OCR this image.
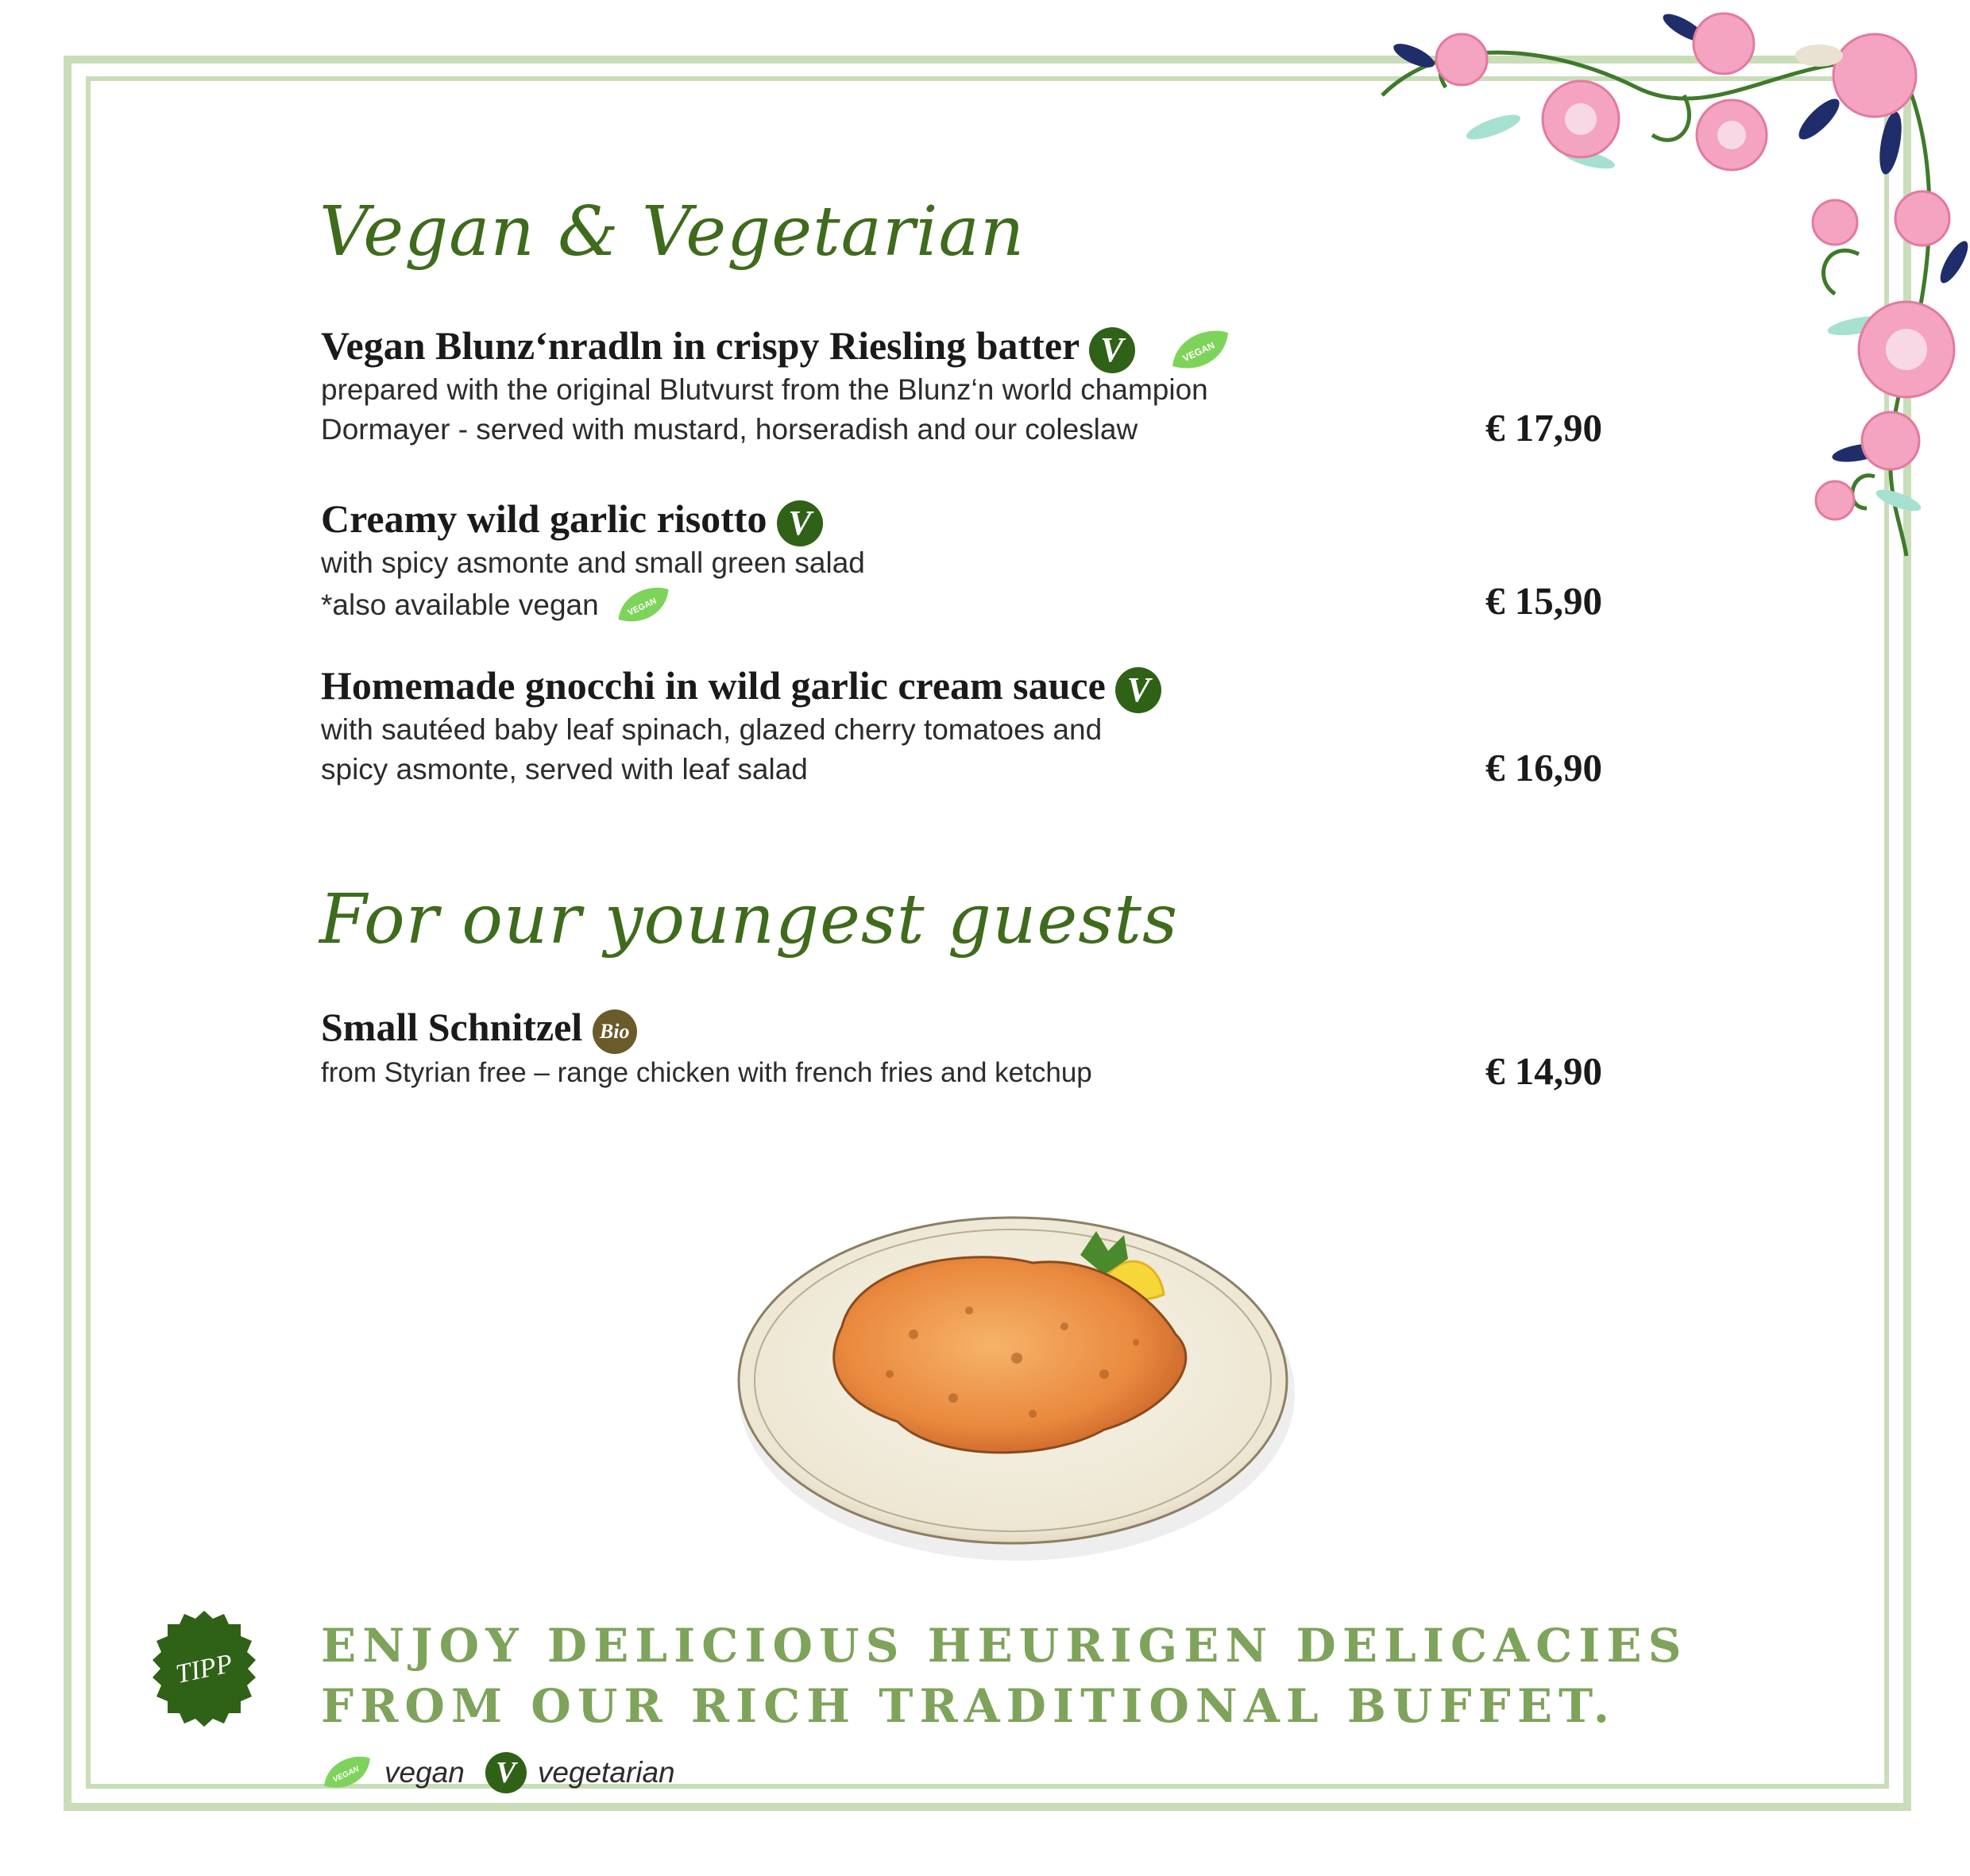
Vegan & Vegetarian
Vegan Blunz‘nradln in crispy Riesling batter V	VEGAN
prepared with the original Blutvurst from the Blunz‘n world champion
Dormayer - served with mustard, horseradish and our coleslaw	€ 17,90
Creamy wild garlic risotto V
with spicy asmonte and small green salad
*also available vegan	VEGAN	€ 15,90
Homemade gnocchi in wild garlic cream sauce V
with sautéed baby leaf spinach, glazed cherry tomatoes and
spicy asmonte, served with leaf salad	€ 16,90
For our youngest guests
Small Schnitzel Bio
from Styrian free – range chicken with french fries and ketchup	€ 14,90
TIPP ENJOY DELICIOUS HEURIGEN DELICACIES
FROM OUR RICH TRADITIONAL BUFFET.
VEGAN vegan	V vegetarian
